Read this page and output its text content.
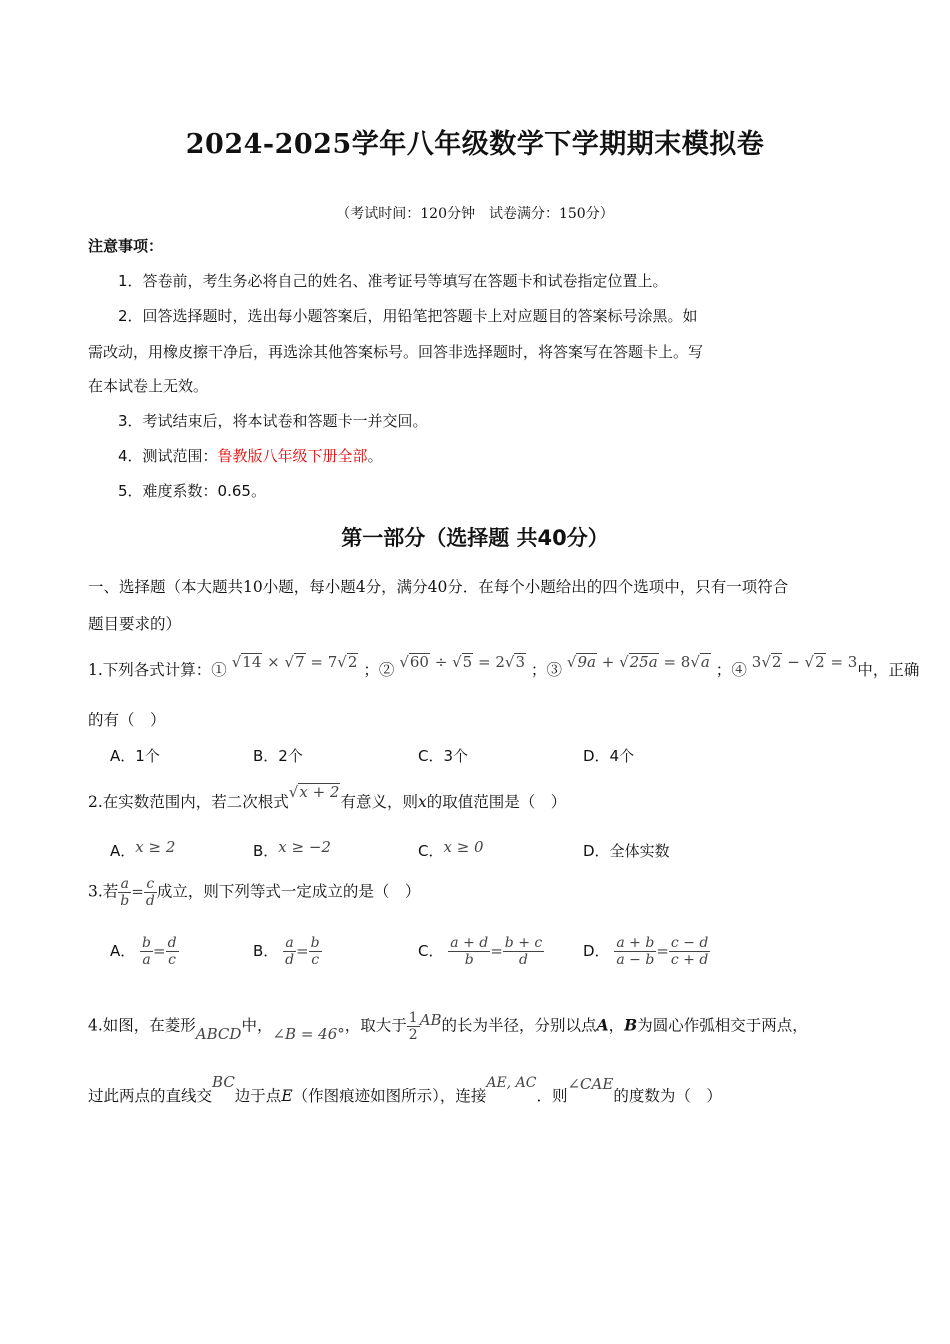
2024-2025学年八年级数学下学期期末模拟卷
（考试时间：120分钟　试卷满分：150分）
注意事项：
1．答卷前，考生务必将自己的姓名、准考证号等填写在答题卡和试卷指定位置上。
2．回答选择题时，选出每小题答案后，用铅笔把答题卡上对应题目的答案标号涂黑。如
需改动，用橡皮擦干净后，再选涂其他答案标号。回答非选择题时，将答案写在答题卡上。写
在本试卷上无效。
3．考试结束后，将本试卷和答题卡一并交回。
4．测试范围：鲁教版八年级下册全部。
5．难度系数：0.65。
第一部分（选择题 共40分）
一、选择题（本大题共10小题，每小题4分，满分40分．在每个小题给出的四个选项中，只有一项符合
题目要求的）
1.下列各式计算：① √14 × √7 = 7√2 ；② √60 ÷ √5 = 2√3 ；③ √9a + √25a = 8√a ；④ 3√2 − √2 = 3中，正确
的有（　）
A．1个	B．2个	C．3个	D．4个
2.在实数范围内，若二次根式√x + 2有意义，则x的取值范围是（　）
A．x ≥ 2	B．x ≥ −2	C．x ≥ 0	D．全体实数
3.若 $\frac{a}{b} = \frac{c}{d}$ 成立，则下列等式一定成立的是（　）
A． $\frac{b}{a} = \frac{d}{c}$	B． $\frac{a}{d} = \frac{b}{c}$	C． $\frac{a + d}{b} = \frac{b + c}{d}$	D． $\frac{a + b}{a - b} = \frac{c - d}{c + d}$
4.如图，在菱形ABCD中，∠B = 46°，取大于 $\frac{1}{2}$ AB的长为半径，分别以点A，B为圆心作弧相交于两点，
过此两点的直线交BC边于点E（作图痕迹如图所示），连接AE, AC．则∠CAE的度数为（　）
